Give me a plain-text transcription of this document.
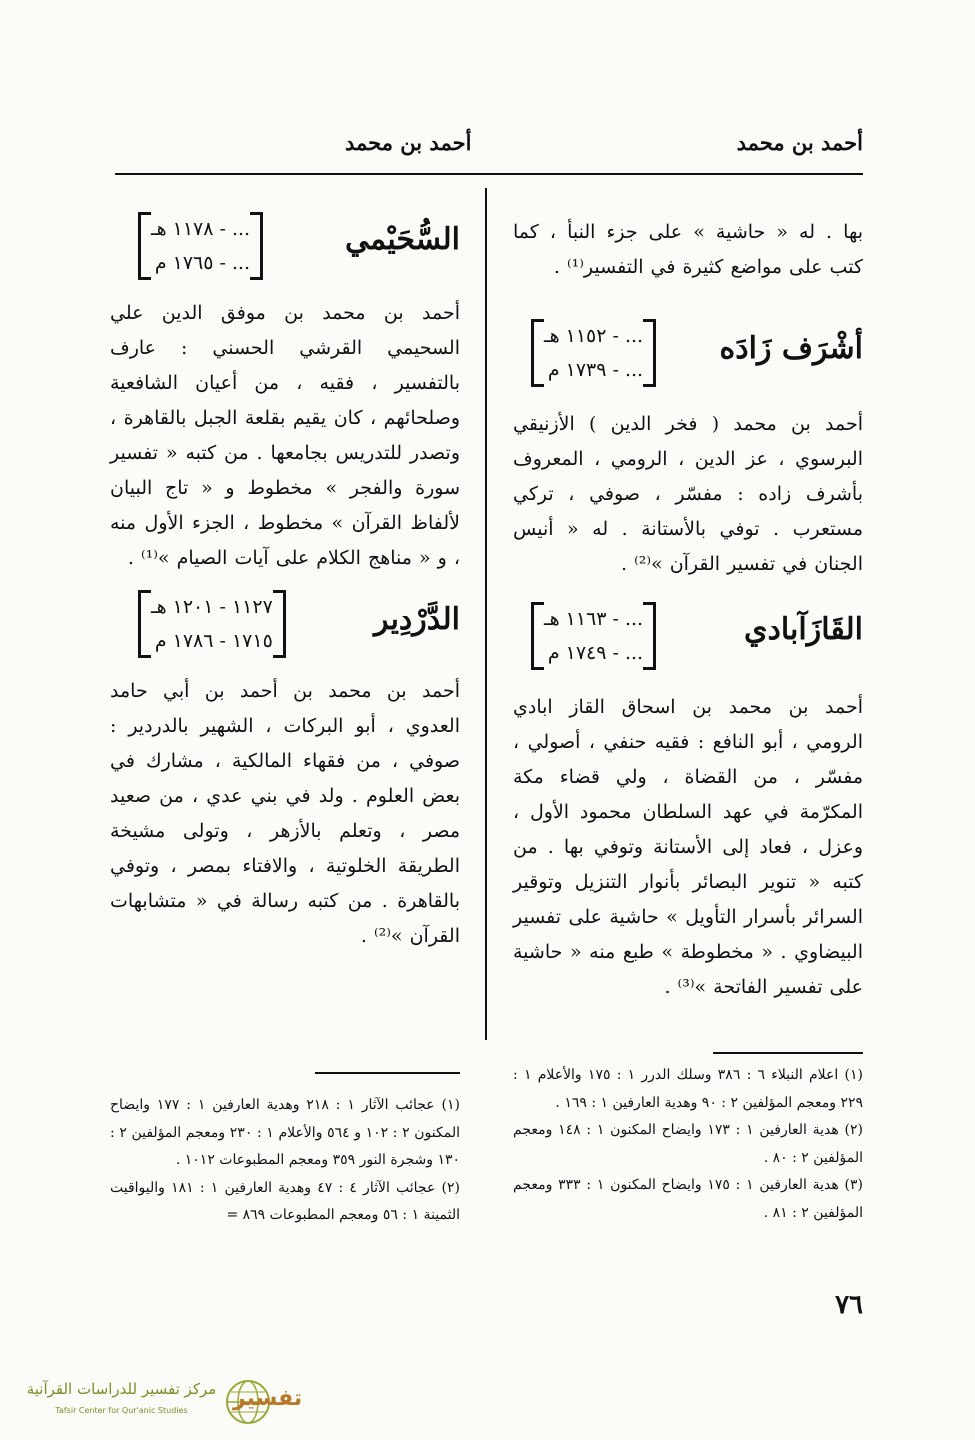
أحمد بن محمد
أحمد بن محمد

بها . له « حاشية » على جزء النبأ ، كما كتب على مواضع كثيرة في التفسير⁽¹⁾ .

أشْرَف زَادَه
... - ١١٥٢ هـ
... - ١٧٣٩ م

أحمد بن محمد ( فخر الدين ) الأزنيقي البرسوي ، عز الدين ، الرومي ، المعروف بأشرف زاده : مفسّر ، صوفي ، تركي مستعرب . توفي بالأستانة . له « أنيس الجنان في تفسير القرآن »⁽²⁾ .

القَازَآبادي
... - ١١٦٣ هـ
... - ١٧٤٩ م

أحمد بن محمد بن اسحاق القاز ابادي الرومي ، أبو النافع : فقيه حنفي ، أصولي ، مفسّر ، من القضاة ، ولي قضاء مكة المكرّمة في عهد السلطان محمود الأول ، وعزل ، فعاد إلى الأستانة وتوفي بها . من كتبه « تنوير البصائر بأنوار التنزيل وتوقير السرائر بأسرار التأويل » حاشية على تفسير البيضاوي . « مخطوطة » طبع منه « حاشية على تفسير الفاتحة »⁽³⁾ .

(١) اعلام النبلاء ٦ : ٣٨٦ وسلك الدرر ١ : ١٧٥ والأعلام ١ : ٢٢٩ ومعجم المؤلفين ٢ : ٩٠ وهدية العارفين ١ : ١٦٩ .

(٢) هدية العارفين ١ : ١٧٣ وايضاح المكنون ١ : ١٤٨ ومعجم المؤلفين ٢ : ٨٠ .

(٣) هدية العارفين ١ : ١٧٥ وايضاح المكنون ١ : ٣٣٣ ومعجم المؤلفين ٢ : ٨١ .

السُّحَيْمي
... - ١١٧٨ هـ
... - ١٧٦٥ م

أحمد بن محمد بن موفق الدين علي السحيمي القرشي الحسني : عارف بالتفسير ، فقيه ، من أعيان الشافعية وصلحائهم ، كان يقيم بقلعة الجبل بالقاهرة ، وتصدر للتدريس بجامعها . من كتبه « تفسير سورة والفجر » مخطوط و « تاج البيان لألفاظ القرآن » مخطوط ، الجزء الأول منه ، و « مناهج الكلام على آيات الصيام »⁽¹⁾ .

الدَّرْدِير
١١٢٧ - ١٢٠١ هـ
١٧١٥ - ١٧٨٦ م

أحمد بن محمد بن أحمد بن أبي حامد العدوي ، أبو البركات ، الشهير بالدردير : صوفي ، من فقهاء المالكية ، مشارك في بعض العلوم . ولد في بني عدي ، من صعيد مصر ، وتعلم بالأزهر ، وتولى مشيخة الطريقة الخلوتية ، والافتاء بمصر ، وتوفي بالقاهرة . من كتبه رسالة في « متشابهات القرآن »⁽²⁾ .

(١) عجائب الآثار ١ : ٢١٨ وهدية العارفين ١ : ١٧٧ وايضاح المكنون ٢ : ١٠٢ و ٥٦٤ والأعلام ١ : ٢٣٠ ومعجم المؤلفين ٢ : ١٣٠ وشجرة النور ٣٥٩ ومعجم المطبوعات ١٠١٢ .

(٢) عجائب الآثار ٤ : ٤٧ وهدية العارفين ١ : ١٨١ واليواقيت الثمينة ١ : ٥٦ ومعجم المطبوعات ٨٦٩ =

٧٦
تفسير
مركز تفسير للدراسات القرآنية
Tafsir Center for Qur'anic Studies
